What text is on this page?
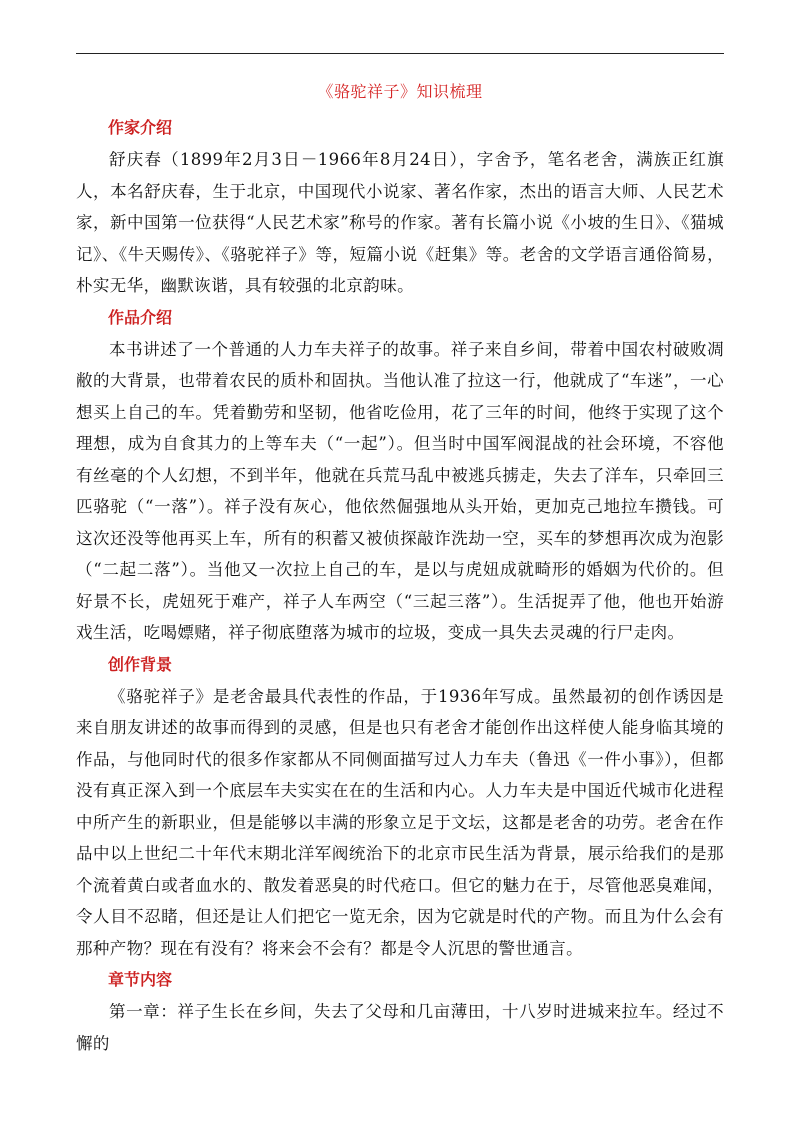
《骆驼祥子》知识梳理
作家介绍

舒庆春（1899年2月3日－1966年8月24日），字舍予，笔名老舍，满族正红旗人，本名舒庆春，生于北京，中国现代小说家、著名作家，杰出的语言大师、人民艺术家，新中国第一位获得“人民艺术家”称号的作家。著有长篇小说《小坡的生日》、《猫城记》、《牛天赐传》、《骆驼祥子》等，短篇小说《赶集》等。老舍的文学语言通俗简易，朴实无华，幽默诙谐，具有较强的北京韵味。

作品介绍

本书讲述了一个普通的人力车夫祥子的故事。祥子来自乡间，带着中国农村破败凋敝的大背景，也带着农民的质朴和固执。当他认准了拉这一行，他就成了“车迷”，一心想买上自己的车。凭着勤劳和坚韧，他省吃俭用，花了三年的时间，他终于实现了这个理想，成为自食其力的上等车夫（“一起”）。但当时中国军阀混战的社会环境，不容他有丝毫的个人幻想，不到半年，他就在兵荒马乱中被逃兵掳走，失去了洋车，只牵回三匹骆驼（“一落”）。祥子没有灰心，他依然倔强地从头开始，更加克己地拉车攒钱。可这次还没等他再买上车，所有的积蓄又被侦探敲诈洗劫一空，买车的梦想再次成为泡影（“二起二落”）。当他又一次拉上自己的车，是以与虎妞成就畸形的婚姻为代价的。但好景不长，虎妞死于难产，祥子人车两空（“三起三落”）。生活捉弄了他，他也开始游戏生活，吃喝嫖赌，祥子彻底堕落为城市的垃圾，变成一具失去灵魂的行尸走肉。

创作背景

《骆驼祥子》是老舍最具代表性的作品，于1936年写成。虽然最初的创作诱因是来自朋友讲述的故事而得到的灵感，但是也只有老舍才能创作出这样使人能身临其境的作品，与他同时代的很多作家都从不同侧面描写过人力车夫（鲁迅《一件小事》），但都没有真正深入到一个底层车夫实实在在的生活和内心。人力车夫是中国近代城市化进程中所产生的新职业，但是能够以丰满的形象立足于文坛，这都是老舍的功劳。老舍在作品中以上世纪二十年代末期北洋军阀统治下的北京市民生活为背景，展示给我们的是那个流着黄白或者血水的、散发着恶臭的时代疮口。但它的魅力在于，尽管他恶臭难闻，令人目不忍睹，但还是让人们把它一览无余，因为它就是时代的产物。而且为什么会有那种产物？现在有没有？将来会不会有？都是令人沉思的警世通言。

章节内容

第一章：祥子生长在乡间，失去了父母和几亩薄田，十八岁时进城来拉车。经过不懈的
